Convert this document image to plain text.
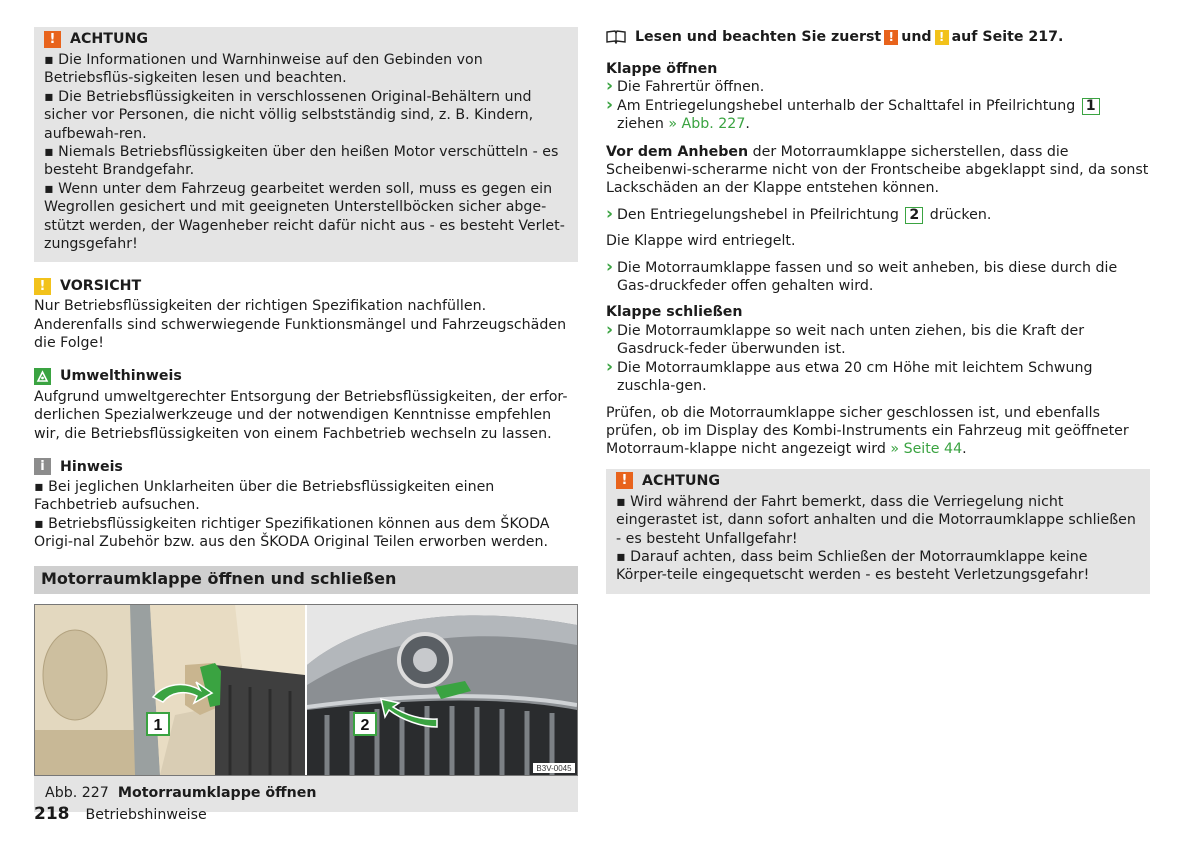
!	ACHTUNG

▪ Die Informationen und Warnhinweise auf den Gebinden von Betriebsflüs-sigkeiten lesen und beachten.

▪ Die Betriebsflüssigkeiten in verschlossenen Original-Behältern und sicher vor Personen, die nicht völlig selbstständig sind, z. B. Kindern, aufbewah-ren.

▪ Niemals Betriebsflüssigkeiten über den heißen Motor verschütteln - es besteht Brandgefahr.

▪ Wenn unter dem Fahrzeug gearbeitet werden soll, muss es gegen ein Wegrollen gesichert und mit geeigneten Unterstellböcken sicher abge-stützt werden, der Wagenheber reicht dafür nicht aus - es besteht Verlet-zungsgefahr!

!	VORSICHT

Nur Betriebsflüssigkeiten der richtigen Spezifikation nachfüllen. Anderenfalls sind schwerwiegende Funktionsmängel und Fahrzeugschäden die Folge!

Umwelthinweis

Aufgrund umweltgerechter Entsorgung der Betriebsflüssigkeiten, der erfor-derlichen Spezialwerkzeuge und der notwendigen Kenntnisse empfehlen wir, die Betriebsflüssigkeiten von einem Fachbetrieb wechseln zu lassen.

i	Hinweis

▪ Bei jeglichen Unklarheiten über die Betriebsflüssigkeiten einen Fachbetrieb aufsuchen.

▪ Betriebsflüssigkeiten richtiger Spezifikationen können aus dem ŠKODA Origi-nal Zubehör bzw. aus den ŠKODA Original Teilen erworben werden.

Motorraumklappe öffnen und schließen
1	2
B3V-0045
Abb. 227 Motorraumklappe öffnen

Lesen und beachten Sie zuerst ! und ! auf Seite 217.

Klappe öffnen

› Die Fahrertür öffnen.

› Am Entriegelungshebel unterhalb der Schalttafel in Pfeilrichtung 1 ziehen » Abb. 227.

Vor dem Anheben der Motorraumklappe sicherstellen, dass die Scheibenwi-scherarme nicht von der Frontscheibe abgeklappt sind, da sonst Lackschäden an der Klappe entstehen können.

› Den Entriegelungshebel in Pfeilrichtung 2 drücken.

Die Klappe wird entriegelt.

› Die Motorraumklappe fassen und so weit anheben, bis diese durch die Gas-druckfeder offen gehalten wird.

Klappe schließen

› Die Motorraumklappe so weit nach unten ziehen, bis die Kraft der Gasdruck-feder überwunden ist.

› Die Motorraumklappe aus etwa 20 cm Höhe mit leichtem Schwung zuschla-gen.

Prüfen, ob die Motorraumklappe sicher geschlossen ist, und ebenfalls prüfen, ob im Display des Kombi-Instruments ein Fahrzeug mit geöffneter Motorraum-klappe nicht angezeigt wird » Seite 44.

!	ACHTUNG

▪ Wird während der Fahrt bemerkt, dass die Verriegelung nicht eingerastet ist, dann sofort anhalten und die Motorraumklappe schließen - es besteht Unfallgefahr!

▪ Darauf achten, dass beim Schließen der Motorraumklappe keine Körper-teile eingequetscht werden - es besteht Verletzungsgefahr!

218 Betriebshinweise
